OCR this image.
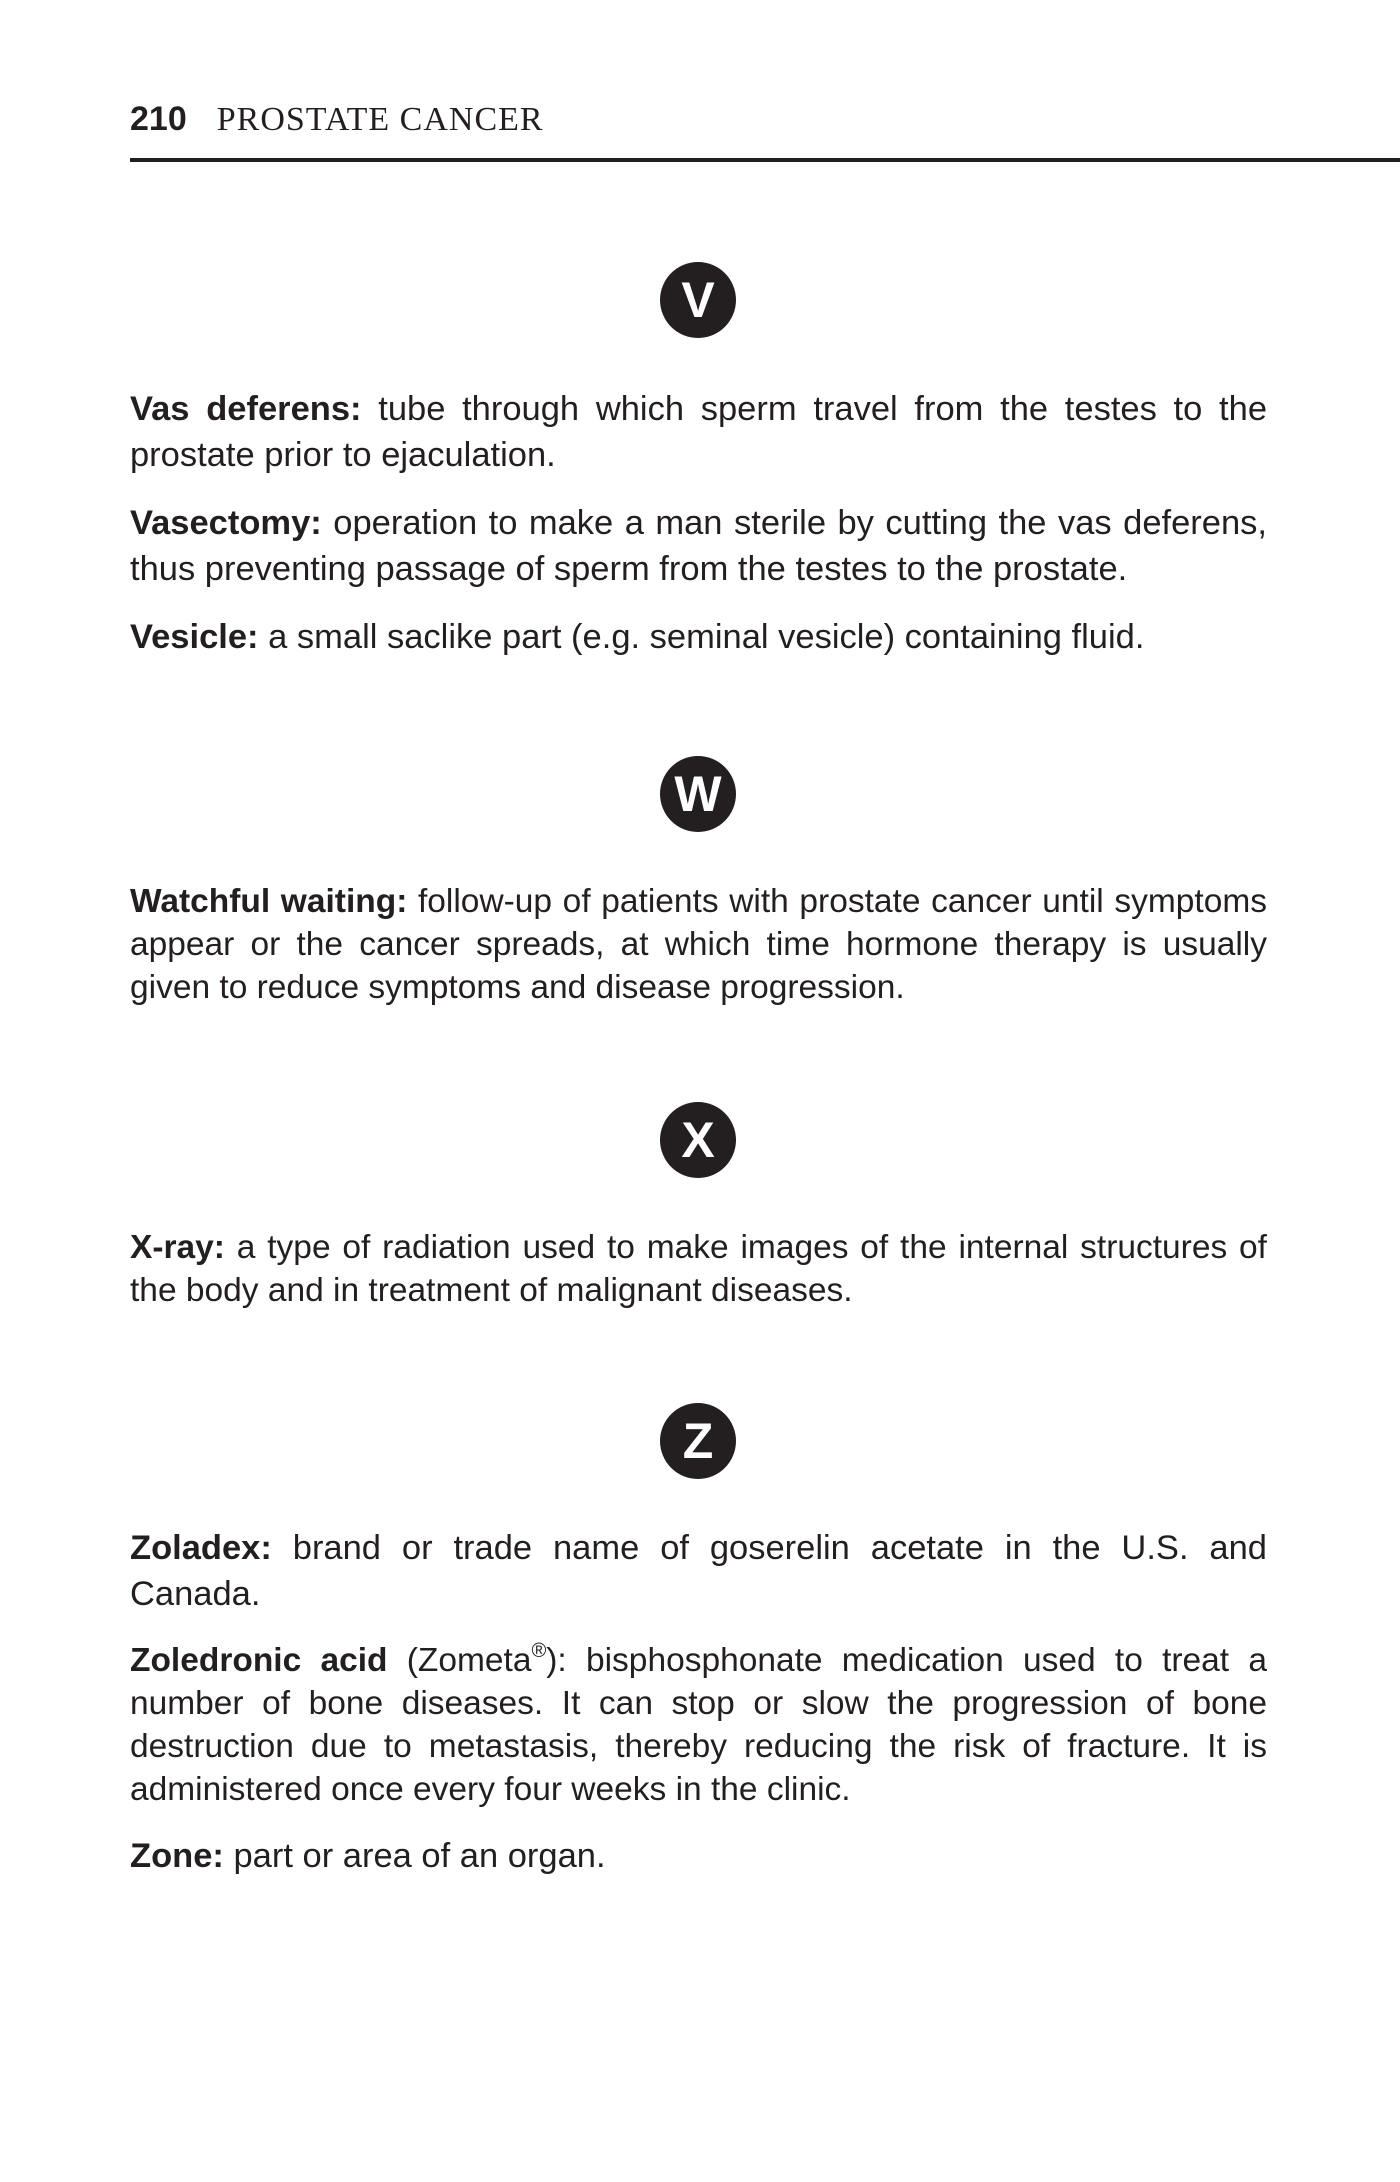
210 PROSTATE CANCER
V

Vas deferens: tube through which sperm travel from the testes to the prostate prior to ejaculation.

Vasectomy: operation to make a man sterile by cutting the vas deferens, thus preventing passage of sperm from the testes to the prostate.

Vesicle: a small saclike part (e.g. seminal vesicle) containing fluid.

W

Watchful waiting: follow-up of patients with prostate cancer until symptoms appear or the cancer spreads, at which time hormone therapy is usually given to reduce symptoms and disease progression.

X

X-ray: a type of radiation used to make images of the internal structures of the body and in treatment of malignant diseases.

Z

Zoladex: brand or trade name of goserelin acetate in the U.S. and Canada.

Zoledronic acid (Zometa®): bisphosphonate medication used to treat a number of bone diseases. It can stop or slow the progression of bone destruction due to metastasis, thereby reducing the risk of fracture. It is administered once every four weeks in the clinic.

Zone: part or area of an organ.
